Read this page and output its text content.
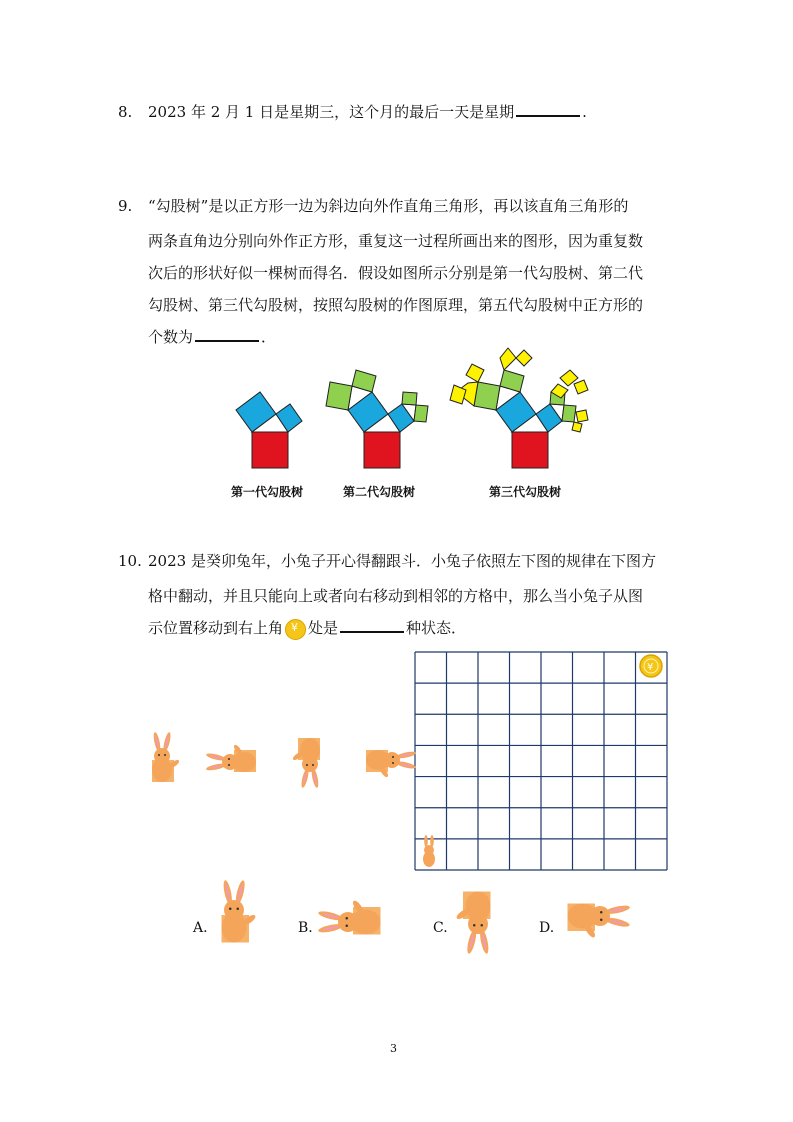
8. 2023 年 2 月 1 日是星期三，这个月的最后一天是星期	.
9. “勾股树”是以正方形一边为斜边向外作直角三角形，再以该直角三角形的
两条直角边分别向外作正方形，重复这一过程所画出来的图形，因为重复数
次后的形状好似一棵树而得名．假设如图所示分别是第一代勾股树、第二代
勾股树、第三代勾股树，按照勾股树的作图原理，第五代勾股树中正方形的
个数为	．
第一代勾股树	第二代勾股树	第三代勾股树
10. 2023 是癸卯兔年，小兔子开心得翻跟斗．小兔子依照左下图的规律在下图方
格中翻动，并且只能向上或者向右移动到相邻的方格中，那么当小兔子从图
示位置移动到右上角¥ 处是	种状态．
¥
A.	B.	C.	D.
3
